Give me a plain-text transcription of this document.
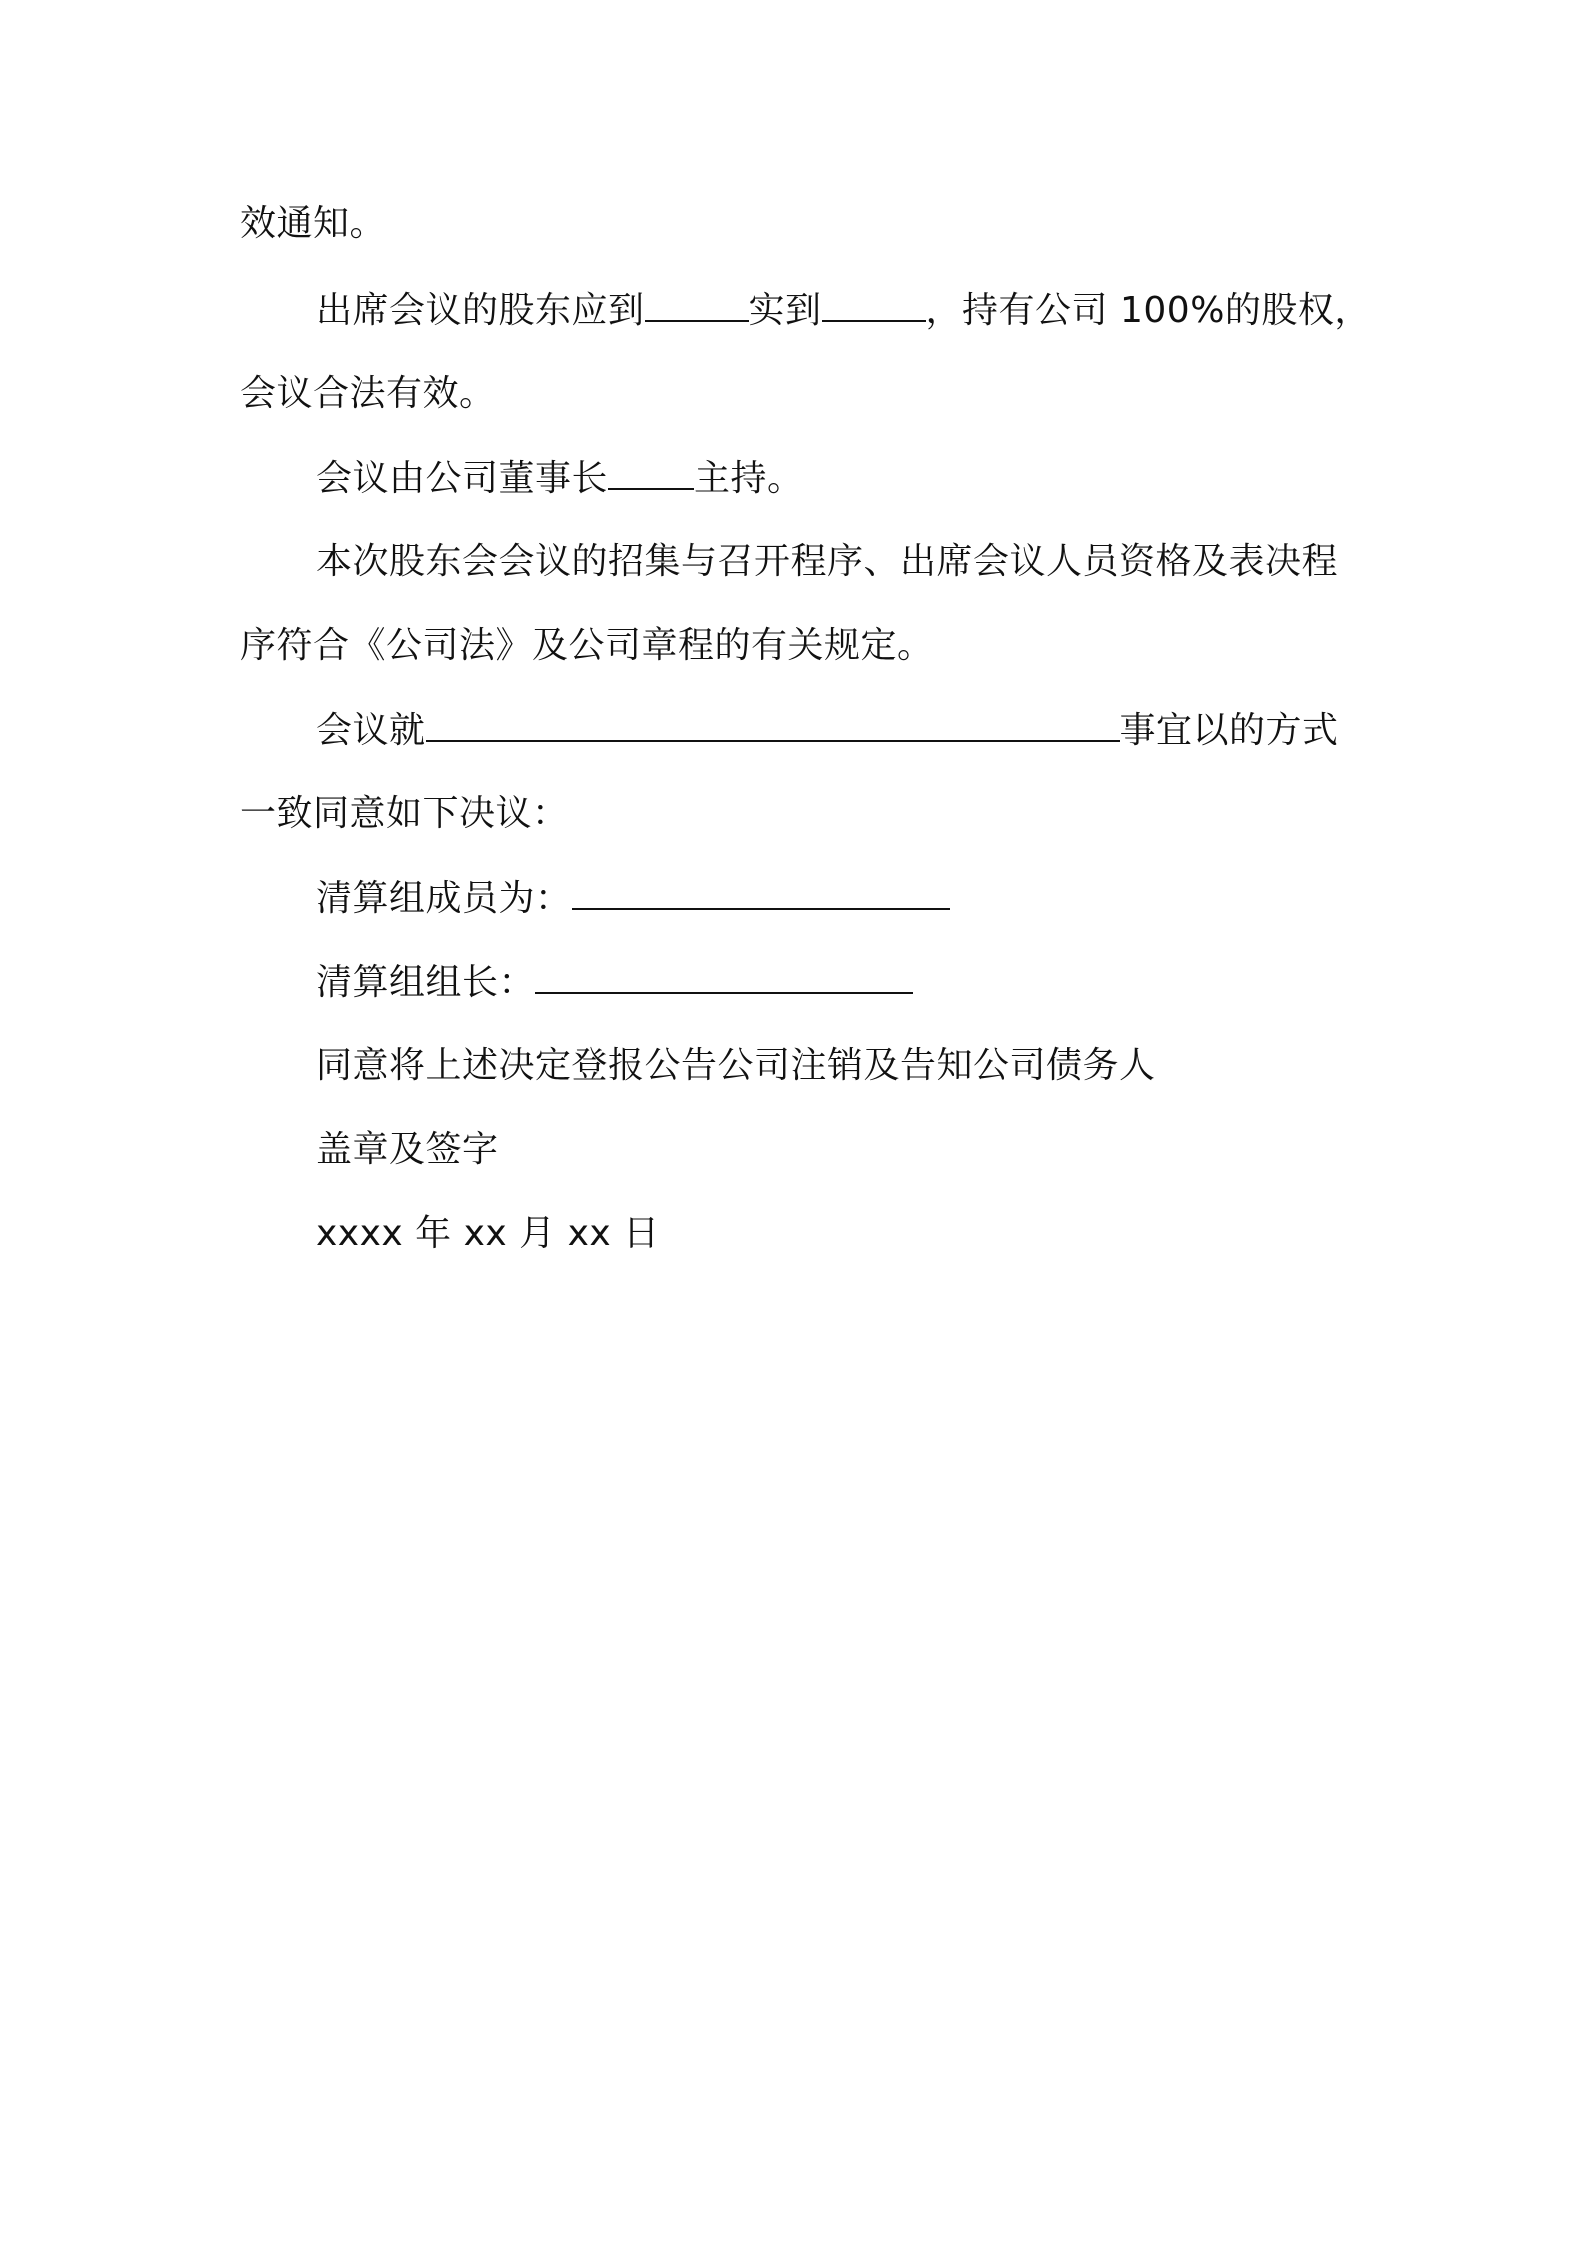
效通知。
出席会议的股东应到	实到	，持有公司 100%的股权，
会议合法有效。
会议由公司董事长 主持。
本次股东会会议的招集与召开程序、出席会议人员资格及表决程
序符合《公司法》及公司章程的有关规定。
会议就	事宜以的方式
一致同意如下决议：
清算组成员为：
清算组组长：
同意将上述决定登报公告公司注销及告知公司债务人
盖章及签字
xxxx 年 xx 月 xx 日
